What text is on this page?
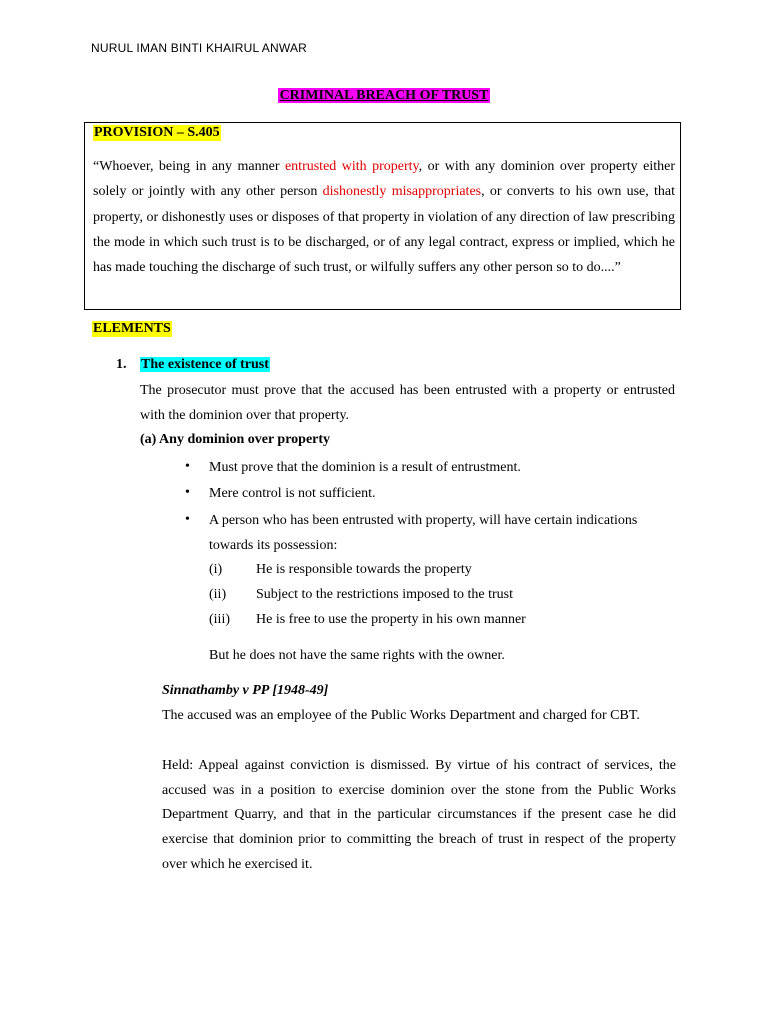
NURUL IMAN BINTI KHAIRUL ANWAR
CRIMINAL BREACH OF TRUST
PROVISION – S.405
“Whoever, being in any manner entrusted with property, or with any dominion over property either solely or jointly with any other person dishonestly misappropriates, or converts to his own use, that property, or dishonestly uses or disposes of that property in violation of any direction of law prescribing the mode in which such trust is to be discharged, or of any legal contract, express or implied, which he has made touching the discharge of such trust, or wilfully suffers any other person so to do....”
ELEMENTS
1. The existence of trust
The prosecutor must prove that the accused has been entrusted with a property or entrusted with the dominion over that property.
(a) Any dominion over property
• Must prove that the dominion is a result of entrustment.
• Mere control is not sufficient.
• A person who has been entrusted with property, will have certain indications towards its possession:
(i) He is responsible towards the property
(ii) Subject to the restrictions imposed to the trust
(iii) He is free to use the property in his own manner
But he does not have the same rights with the owner.
Sinnathamby v PP [1948-49]
The accused was an employee of the Public Works Department and charged for CBT.
Held: Appeal against conviction is dismissed. By virtue of his contract of services, the accused was in a position to exercise dominion over the stone from the Public Works Department Quarry, and that in the particular circumstances if the present case he did exercise that dominion prior to committing the breach of trust in respect of the property over which he exercised it.
